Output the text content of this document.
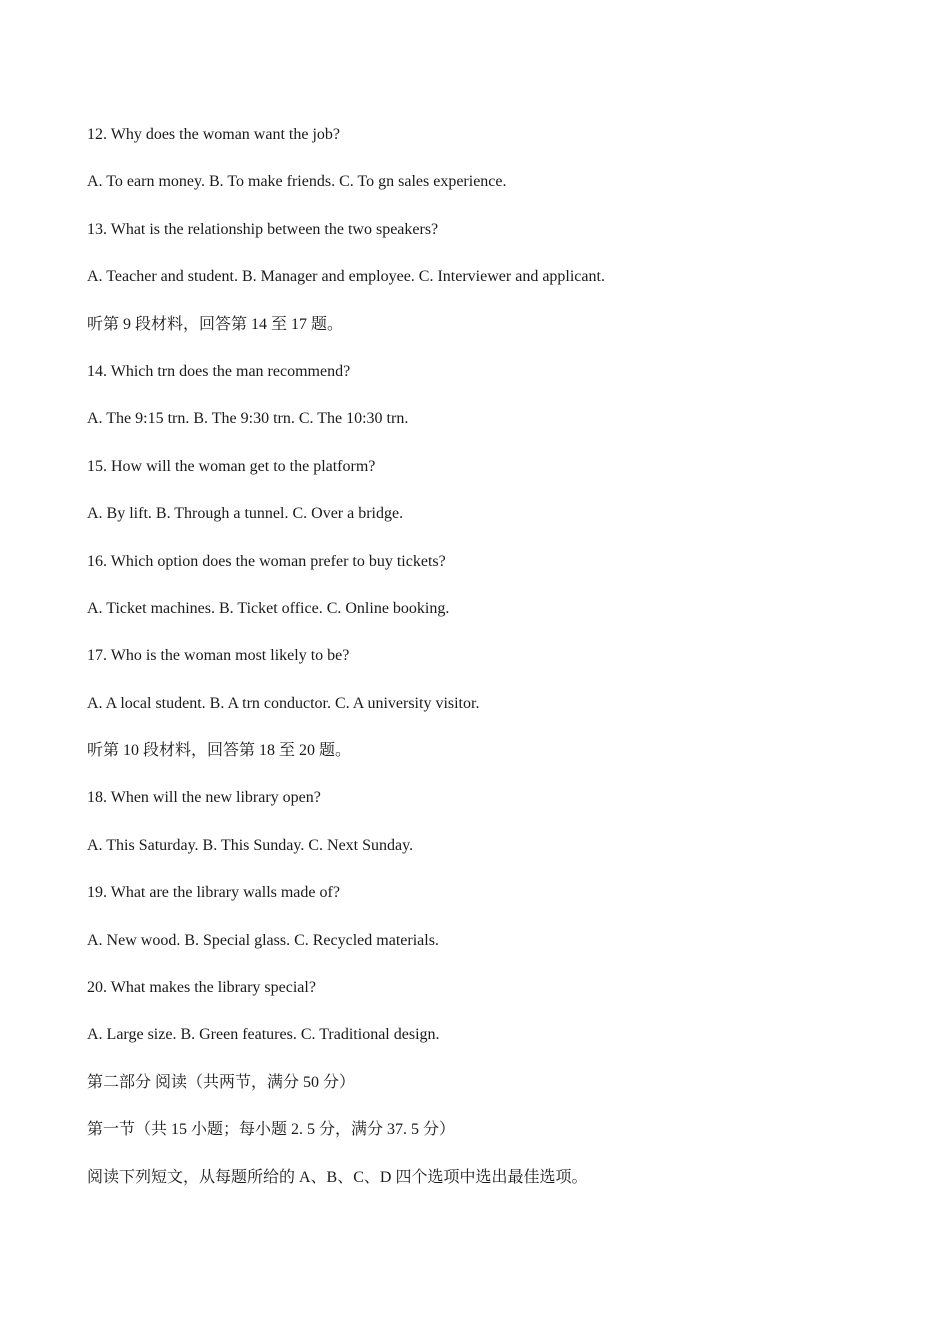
12. Why does the woman want the job?
A. To earn money. B. To make friends. C. To gn sales experience.
13. What is the relationship between the two speakers?
A. Teacher and student. B. Manager and employee. C. Interviewer and applicant.
听第 9 段材料，回答第 14 至 17 题。
14. Which trn does the man recommend?
A. The 9:15 trn. B. The 9:30 trn. C. The 10:30 trn.
15. How will the woman get to the platform?
A. By lift. B. Through a tunnel. C. Over a bridge.
16. Which option does the woman prefer to buy tickets?
A. Ticket machines. B. Ticket office. C. Online booking.
17. Who is the woman most likely to be?
A. A local student. B. A trn conductor. C. A university visitor.
听第 10 段材料，回答第 18 至 20 题。
18. When will the new library open?
A. This Saturday. B. This Sunday. C. Next Sunday.
19. What are the library walls made of?
A. New wood. B. Special glass. C. Recycled materials.
20. What makes the library special?
A. Large size. B. Green features. C. Traditional design.
第二部分 阅读（共两节，满分 50 分）
第一节（共 15 小题；每小题 2. 5 分，满分 37. 5 分）
阅读下列短文，从每题所给的 A、B、C、D 四个选项中选出最佳选项。
